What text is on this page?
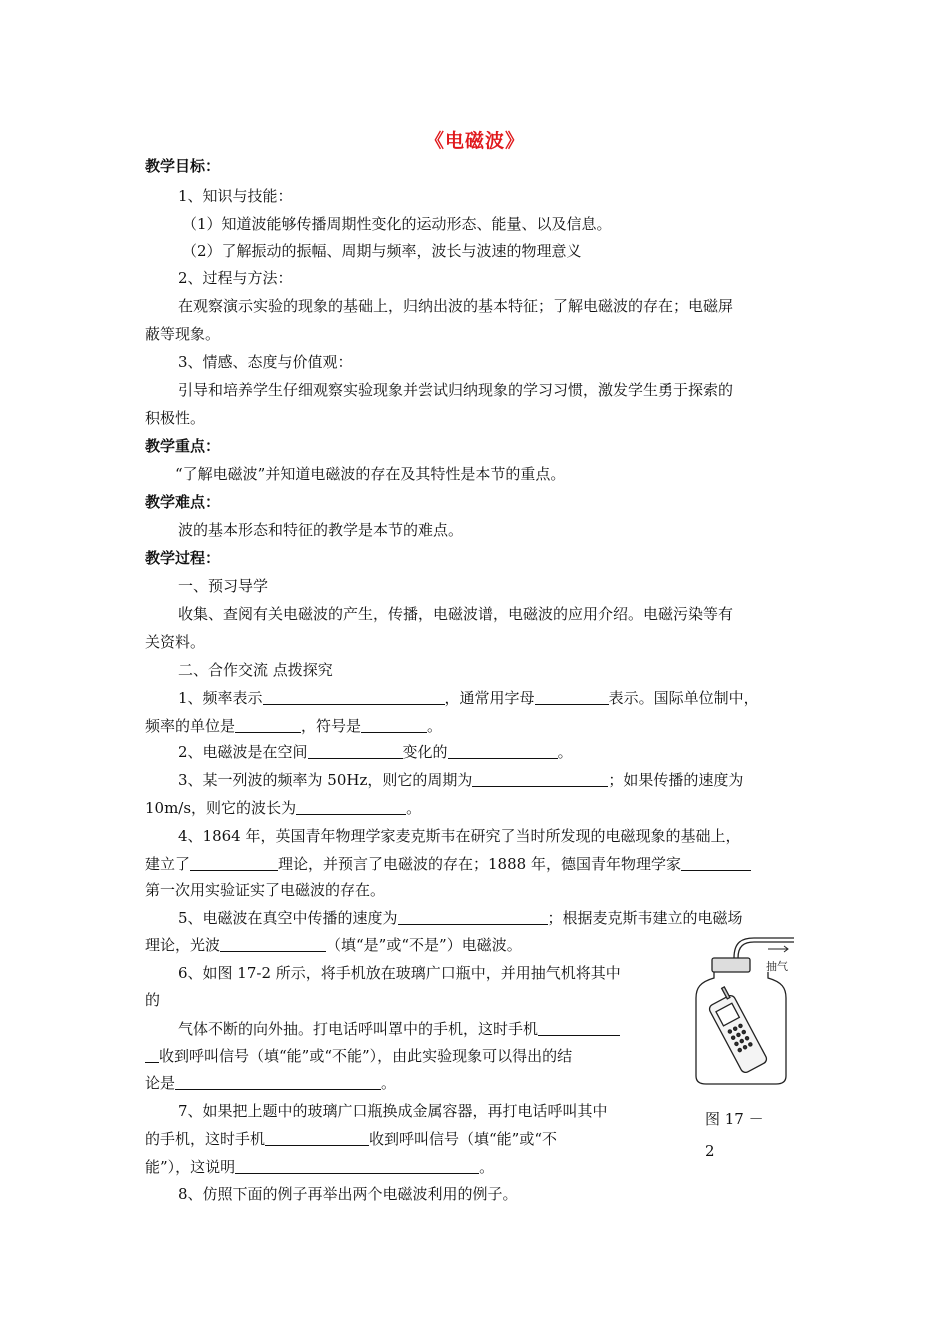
《电磁波》
教学目标：
1、知识与技能：
（1）知道波能够传播周期性变化的运动形态、能量、以及信息。
（2）了解振动的振幅、周期与频率，波长与波速的物理意义
2、过程与方法：
在观察演示实验的现象的基础上，归纳出波的基本特征；了解电磁波的存在；电磁屏
蔽等现象。
3、情感、态度与价值观：
引导和培养学生仔细观察实验现象并尝试归纳现象的学习习惯，激发学生勇于探索的
积极性。
教学重点：
“了解电磁波”并知道电磁波的存在及其特性是本节的重点。
教学难点：
波的基本形态和特征的教学是本节的难点。
教学过程：
一、预习导学
收集、查阅有关电磁波的产生，传播，电磁波谱，电磁波的应用介绍。电磁污染等有
关资料。
二、合作交流 点拨探究
1、频率表示	，通常用字母	表示。国际单位制中，
频率的单位是	，符号是	。
2、电磁波是在空间	变化的	。
3、某一列波的频率为 50Hz，则它的周期为	；如果传播的速度为
10m/s，则它的波长为	。
4、1864 年，英国青年物理学家麦克斯韦在研究了当时所发现的电磁现象的基础上，
建立了	理论，并预言了电磁波的存在；1888 年，德国青年物理学家
第一次用实验证实了电磁波的存在。
5、电磁波在真空中传播的速度为	；根据麦克斯韦建立的电磁场
理论，光波	（填“是”或“不是”）电磁波。
6、如图 17-2 所示，将手机放在玻璃广口瓶中，并用抽气机将其中
的
气体不断的向外抽。打电话呼叫罩中的手机，这时手机
收到呼叫信号（填“能”或“不能”），由此实验现象可以得出的结
论是	。
7、如果把上题中的玻璃广口瓶换成金属容器，再打电话呼叫其中
的手机，这时手机	收到呼叫信号（填“能”或“不
能”），这说明	。
8、仿照下面的例子再举出两个电磁波利用的例子。
抽气
图 17 －
2
